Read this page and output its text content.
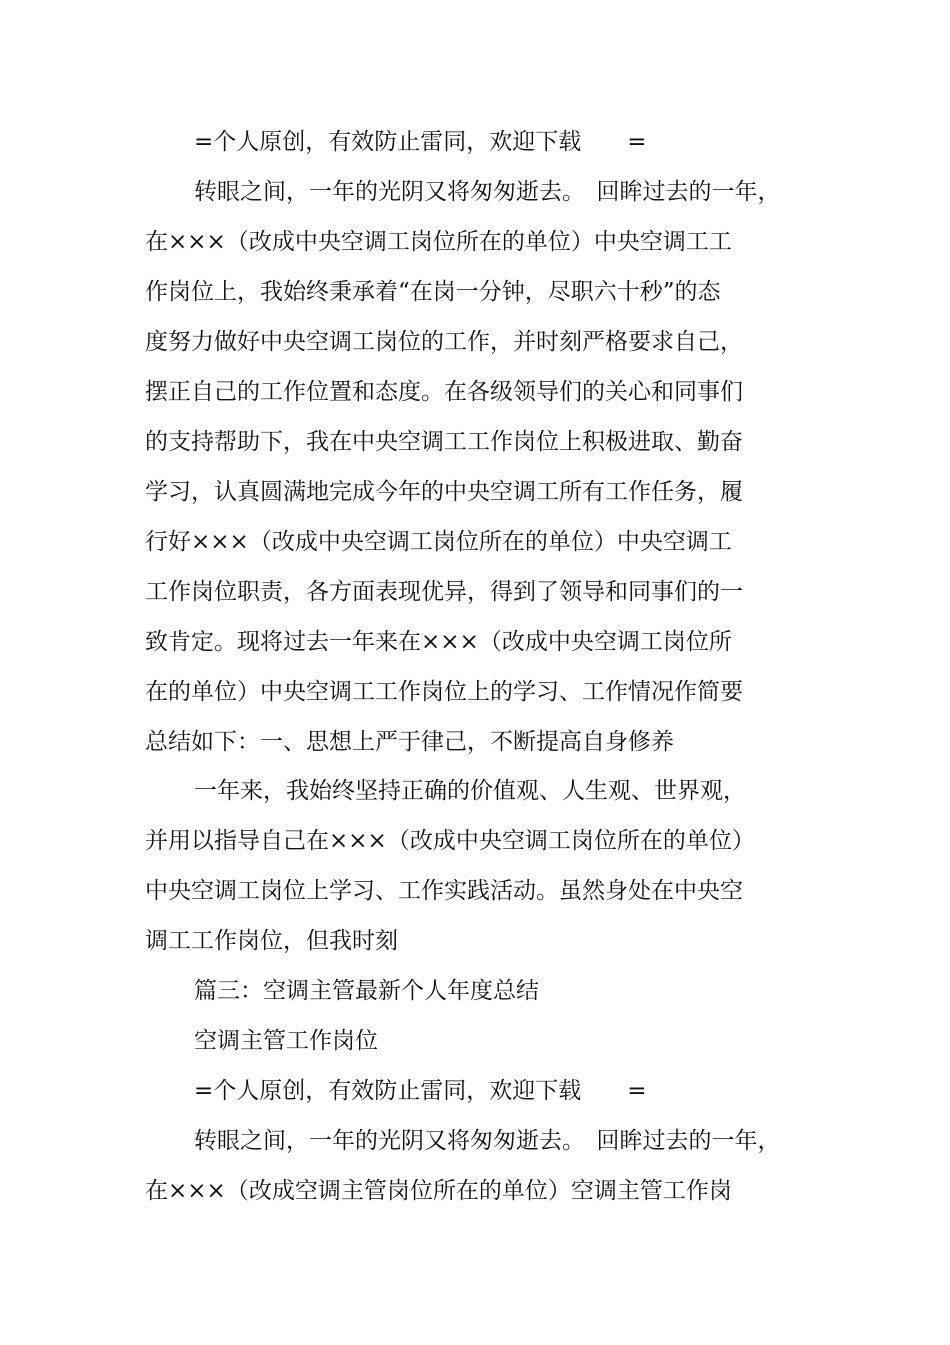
=个人原创，有效防止雷同，欢迎下载　　=
转眼之间，一年的光阴又将匆匆逝去。　回眸过去的一年，
在×××（改成中央空调工岗位所在的单位）中央空调工工
作岗位上，我始终秉承着“在岗一分钟，尽职六十秒”的态
度努力做好中央空调工岗位的工作，并时刻严格要求自己，
摆正自己的工作位置和态度。在各级领导们的关心和同事们
的支持帮助下，我在中央空调工工作岗位上积极进取、勤奋
学习，认真圆满地完成今年的中央空调工所有工作任务，履
行好×××（改成中央空调工岗位所在的单位）中央空调工
工作岗位职责，各方面表现优异，得到了领导和同事们的一
致肯定。现将过去一年来在×××（改成中央空调工岗位所
在的单位）中央空调工工作岗位上的学习、工作情况作简要
总结如下：一、思想上严于律己，不断提高自身修养
一年来，我始终坚持正确的价值观、人生观、世界观，
并用以指导自己在×××（改成中央空调工岗位所在的单位）
中央空调工岗位上学习、工作实践活动。虽然身处在中央空
调工工作岗位，但我时刻
篇三：空调主管最新个人年度总结
空调主管工作岗位
=个人原创，有效防止雷同，欢迎下载　　=
转眼之间，一年的光阴又将匆匆逝去。　回眸过去的一年，
在×××（改成空调主管岗位所在的单位）空调主管工作岗
